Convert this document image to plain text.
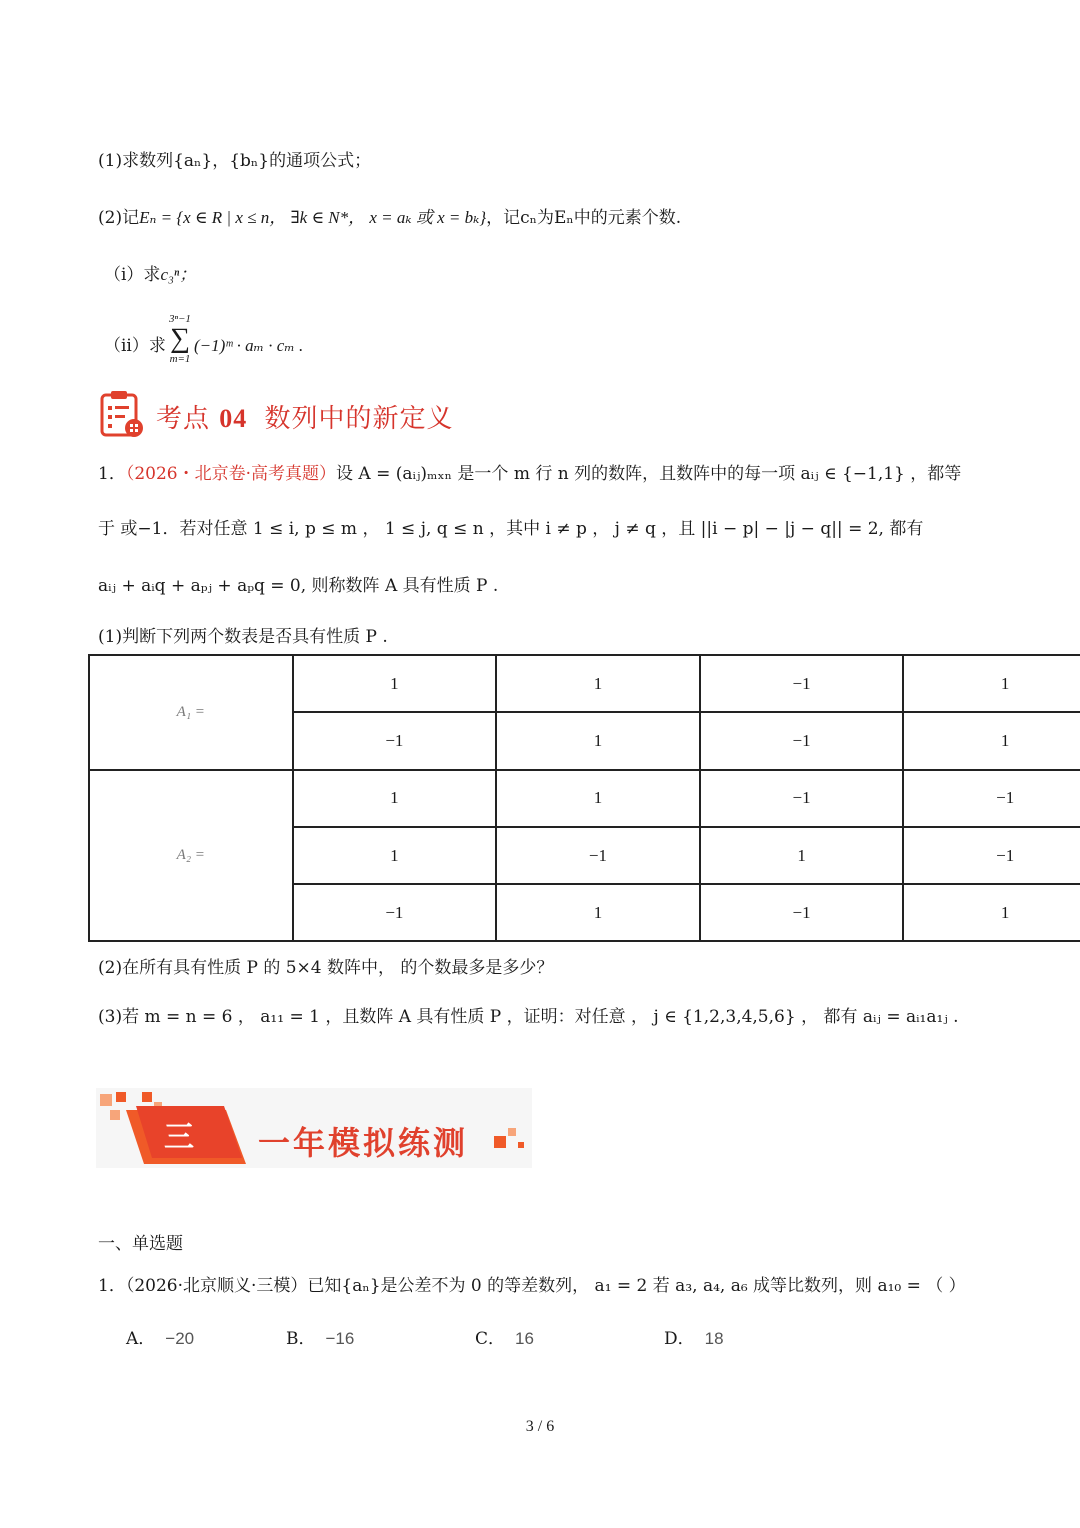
(1)求数列{aₙ}，{bₙ}的通项公式；
(2)记Eₙ = {x ∈ R | x ≤ n， ∃k ∈ N*， x = aₖ 或 x = bₖ}，记cₙ为Eₙ中的元素个数.
（i）求c₃ⁿ；
（ii）求
3ⁿ−1
∑
m=1
(−1)ᵐ · aₘ · cₘ .
考点 04 数列中的新定义
1．（2026・北京卷·高考真题）设 A = (aᵢⱼ)ₘₓₙ 是一个 m 行 n 列的数阵，且数阵中的每一项 aᵢⱼ ∈ {−1,1} ，都等
于 或−1．若对任意 1 ≤ i, p ≤ m ， 1 ≤ j, q ≤ n ，其中 i ≠ p ， j ≠ q ，且 ||i − p| − |j − q|| = 2, 都有
aᵢⱼ + aᵢq + aₚⱼ + aₚq = 0, 则称数阵 A 具有性质 P .
(1)判断下列两个数表是否具有性质 P .
A₁ =	1	1	−1	1
	−1	1	−1	1
A₂ =	1	1	−1	−1
	1	−1	1	−1
	−1	1	−1	1
(2)在所有具有性质 P 的 5×4 数阵中， 的个数最多是多少？
(3)若 m = n = 6 ， a₁₁ = 1 ，且数阵 A 具有性质 P ，证明：对任意 ， j ∈ {1,2,3,4,5,6} ， 都有 aᵢⱼ = aᵢ₁a₁ⱼ .
三 一年模拟练测
一、单选题
1．（2026·北京顺义·三模）已知{aₙ}是公差不为 0 的等差数列， a₁ = 2 若 a₃, a₄, a₆ 成等比数列，则 a₁₀ = （ ）
A． −20	B． −16	C． 16	D． 18
3 / 6
